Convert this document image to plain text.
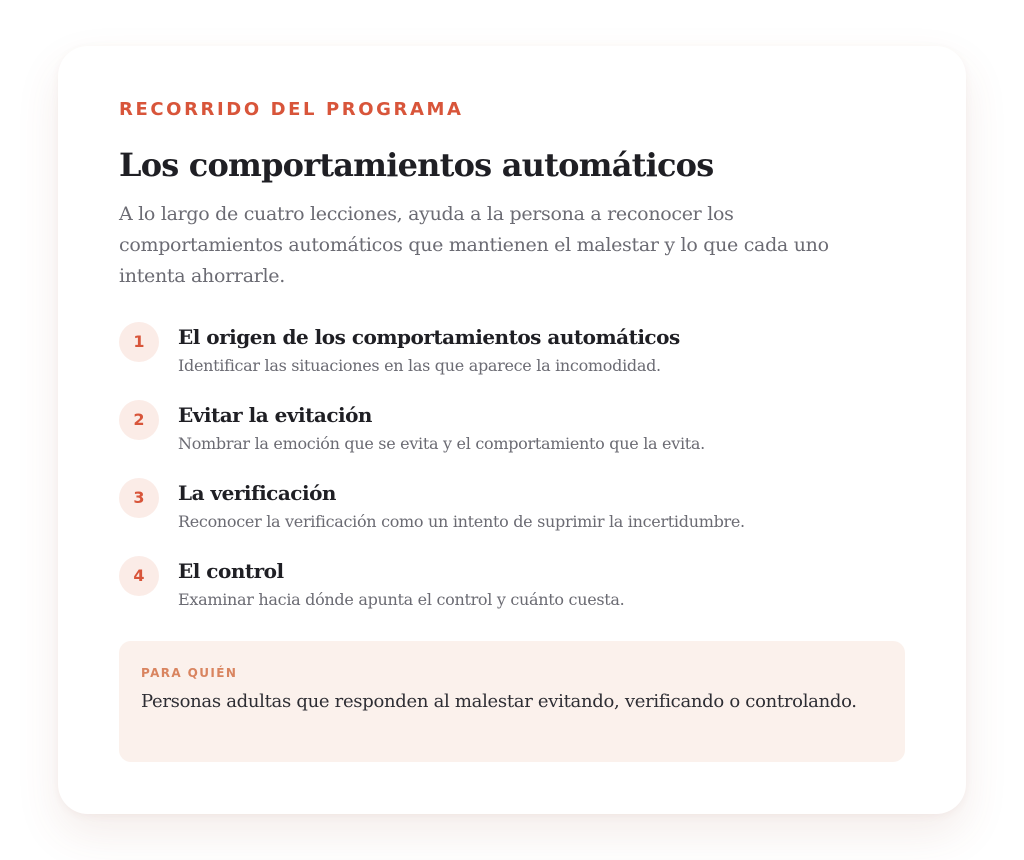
RECORRIDO DEL PROGRAMA

Los comportamientos automáticos

A lo largo de cuatro lecciones, ayuda a la persona a reconocer los comportamientos automáticos que mantienen el malestar y lo que cada uno intenta ahorrarle.

1	El origen de los comportamientos automáticos

Identificar las situaciones en las que aparece la incomodidad.

2	Evitar la evitación

Nombrar la emoción que se evita y el comportamiento que la evita.

3	La verificación

Reconocer la verificación como un intento de suprimir la incertidumbre.

4	El control

Examinar hacia dónde apunta el control y cuánto cuesta.

PARA QUIÉN

Personas adultas que responden al malestar evitando, verificando o controlando.
